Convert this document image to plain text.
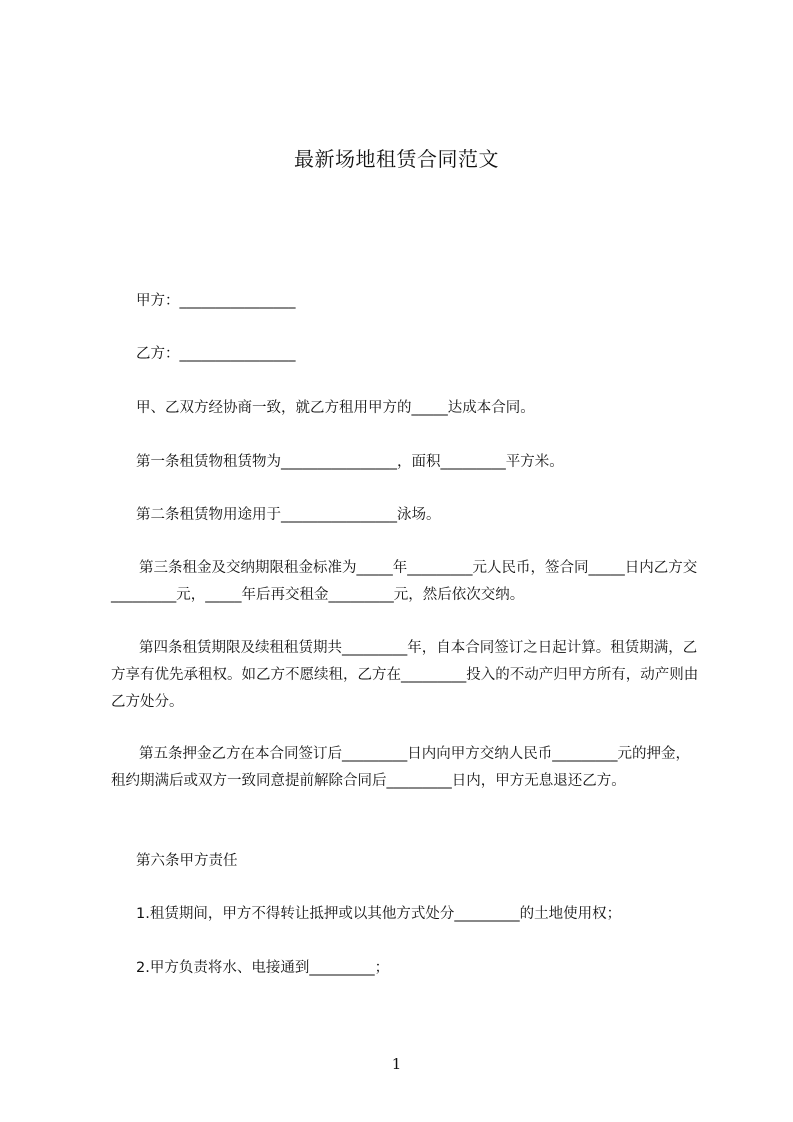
最新场地租赁合同范文

甲方：________________

乙方：________________

甲、乙双方经协商一致，就乙方租用甲方的_____达成本合同。

第一条租赁物租赁物为________________，面积_________平方米。

第二条租赁物用途用于________________泳场。

第三条租金及交纳期限租金标准为_____年_________元人民币，签合同_____日内乙方交_________元，_____年后再交租金_________元，然后依次交纳。

第四条租赁期限及续租租赁期共_________年，自本合同签订之日起计算。租赁期满，乙方享有优先承租权。如乙方不愿续租，乙方在_________投入的不动产归甲方所有，动产则由乙方处分。

第五条押金乙方在本合同签订后_________日内向甲方交纳人民币_________元的押金，租约期满后或双方一致同意提前解除合同后_________日内，甲方无息退还乙方。

第六条甲方责任

1.租赁期间，甲方不得转让抵押或以其他方式处分_________的土地使用权；

2.甲方负责将水、电接通到_________；

1
